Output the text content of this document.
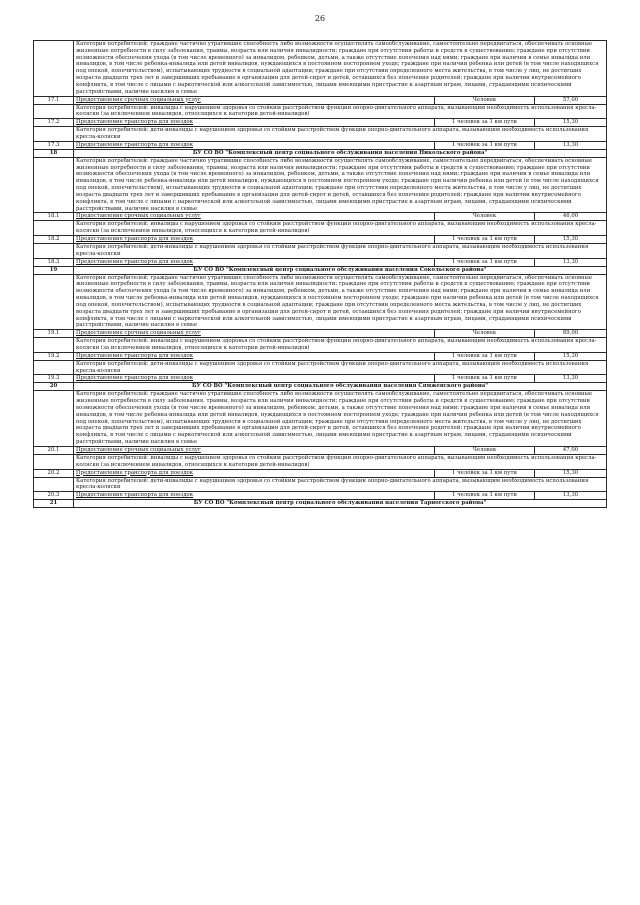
26
	Категория потребителей: граждане частично утратившие способность либо возможности осуществлять самообслуживание, самостоятельно передвигаться, обеспечивать основные жизненные потребности в силу заболевания, травмы, возраста или наличия инвалидности; граждане при отсутствии работы и средств к существованию; граждане при отсутствии возможности обеспечения ухода (в том числе временного) за инвалидом, ребенком, детьми, а также отсутствие попечения над ними; граждане при наличии в семье инвалида или инвалидов, в том числе ребенка-инвалида или детей инвалидов, нуждающихся в постоянном постороннем уходе; граждане при наличии ребенка или детей (в том числе находящихся под опекой, попечительством), испытывающих трудности в социальной адаптации; граждане при отсутствии определенного места жительства, в том числе у лиц, не достигших возраста двадцати трех лет и завершивших пребывание в организации для детей-сирот и детей, оставшихся без попечения родителей; граждане при наличии внутрисемейного конфликта, в том числе с лицами с наркотической или алкогольной зависимостью, лицами имеющими пристрастие к азартным играм, лицами, страдающими психическими расстройствами, наличие насилия в семье		
17.1	Предоставление срочных социальных услуг	Человек	57,00
	Категория потребителей: инвалиды с нарушением здоровья со стойким расстройством функции опорно-двигательного аппарата, вызывающим необходимость использования кресла-коляски (за исключением инвалидов, относящихся к категории детей-инвалидов)		
17.2	Предоставление транспорта для поездок	1 человек за 1 км пути	15,30
	Категория потребителей: дети-инвалиды с нарушением здоровья со стойким расстройством функции опорно-двигательного аппарата, вызывающим необходимость использования кресла-коляски		
17.3	Предоставление транспорта для поездок	1 человек за 1 км пути	13,30
18	БУ СО ВО "Комплексный центр социального обслуживания населения Никольского района"		
	Категория потребителей: граждане частично утратившие способность либо возможности осуществлять самообслуживание, самостоятельно передвигаться, обеспечивать основные жизненные потребности в силу заболевания, травмы, возраста или наличия инвалидности; граждане при отсутствии работы и средств к существованию; граждане при отсутствии возможности обеспечения ухода (в том числе временного) за инвалидом, ребенком, детьми, а также отсутствие попечения над ними; граждане при наличии в семье инвалида или инвалидов, в том числе ребенка-инвалида или детей инвалидов, нуждающихся в постоянном постороннем уходе; граждане при наличии ребенка или детей (в том числе находящихся под опекой, попечительством), испытывающих трудности в социальной адаптации; граждане при отсутствии определенного места жительства, в том числе у лиц, не достигших возраста двадцати трех лет и завершивших пребывание в организации для детей-сирот и детей, оставшихся без попечения родителей; граждане при наличии внутрисемейного конфликта, в том числе с лицами с наркотической или алкогольной зависимостью, лицами имеющими пристрастие к азартным играм, лицами, страдающими психическими расстройствами, наличие насилия в семье		
18.1	Предоставление срочных социальных услуг	Человек	46,00
	Категория потребителей: инвалиды с нарушением здоровья со стойким расстройством функции опорно-двигательного аппарата, вызывающим необходимость использования кресла-коляски (за исключением инвалидов, относящихся к категории детей-инвалидов)		
18.2	Предоставление транспорта для поездок	1 человек за 1 км пути	15,30
	Категория потребителей: дети-инвалиды с нарушением здоровья со стойким расстройством функции опорно-двигательного аппарата, вызывающим необходимость использования кресла-коляски		
18.3	Предоставление транспорта для поездок	1 человек за 1 км пути	13,30
19	БУ СО ВО "Комплексный центр социального обслуживания населения Сокольского района"		
	Категория потребителей: граждане частично утратившие способность либо возможности осуществлять самообслуживание, самостоятельно передвигаться, обеспечивать основные жизненные потребности в силу заболевания, травмы, возраста или наличия инвалидности; граждане при отсутствии работы и средств к существованию; граждане при отсутствии возможности обеспечения ухода (в том числе временного) за инвалидом, ребенком, детьми, а также отсутствие попечения над ними; граждане при наличии в семье инвалида или инвалидов, в том числе ребенка-инвалида или детей инвалидов, нуждающихся в постоянном постороннем уходе; граждане при наличии ребенка или детей (в том числе находящихся под опекой, попечительством), испытывающих трудности в социальной адаптации; граждане при отсутствии определенного места жительства, в том числе у лиц, не достигших возраста двадцати трех лет и завершивших пребывание в организации для детей-сирот и детей, оставшихся без попечения родителей; граждане при наличии внутрисемейного конфликта, в том числе с лицами с наркотической или алкогольной зависимостью, лицами имеющими пристрастие к азартным играм, лицами, страдающими психическими расстройствами, наличие насилия в семье		
19.1	Предоставление срочных социальных услуг	Человек	89,00
	Категория потребителей: инвалиды с нарушением здоровья со стойким расстройством функции опорно-двигательного аппарата, вызывающим необходимость использования кресла-коляски (за исключением инвалидов, относящихся к категории детей-инвалидов)		
19.2	Предоставление транспорта для поездок	1 человек за 1 км пути	15,30
	Категория потребителей: дети-инвалиды с нарушением здоровья со стойким расстройством функции опорно-двигательного аппарата, вызывающим необходимость использования кресла-коляски		
19.3	Предоставление транспорта для поездок	1 человек за 1 км пути	13,30
20	БУ СО ВО "Комплексный центр социального обслуживания населения Сямженского района"		
	Категория потребителей: граждане частично утратившие способность либо возможности осуществлять самообслуживание, самостоятельно передвигаться, обеспечивать основные жизненные потребности в силу заболевания, травмы, возраста или наличия инвалидности; граждане при отсутствии работы и средств к существованию; граждане при отсутствии возможности обеспечения ухода (в том числе временного) за инвалидом, ребенком, детьми, а также отсутствие попечения над ними; граждане при наличии в семье инвалида или инвалидов, в том числе ребенка-инвалида или детей инвалидов, нуждающихся в постоянном постороннем уходе; граждане при наличии ребенка или детей (в том числе находящихся под опекой, попечительством), испытывающих трудности в социальной адаптации; граждане при отсутствии определенного места жительства, в том числе у лиц, не достигших возраста двадцати трех лет и завершивших пребывание в организации для детей-сирот и детей, оставшихся без попечения родителей; граждане при наличии внутрисемейного конфликта, в том числе с лицами с наркотической или алкогольной зависимостью, лицами имеющими пристрастие к азартным играм, лицами, страдающими психическими расстройствами, наличие насилия в семье		
20.1	Предоставление срочных социальных услуг	Человек	47,00
	Категория потребителей: инвалиды с нарушением здоровья со стойким расстройством функции опорно-двигательного аппарата, вызывающим необходимость использования кресла-коляски (за исключением инвалидов, относящихся к категории детей-инвалидов)		
20.2	Предоставление транспорта для поездок	1 человек за 1 км пути	15,30
	Категория потребителей: дети-инвалиды с нарушением здоровья со стойким расстройством функции опорно-двигательного аппарата, вызывающим необходимость использования кресла-коляски		
20.3	Предоставление транспорта для поездок	1 человек за 1 км пути	13,30
21	БУ СО ВО "Комплексный центр социального обслуживания населения Тарногского района"		
